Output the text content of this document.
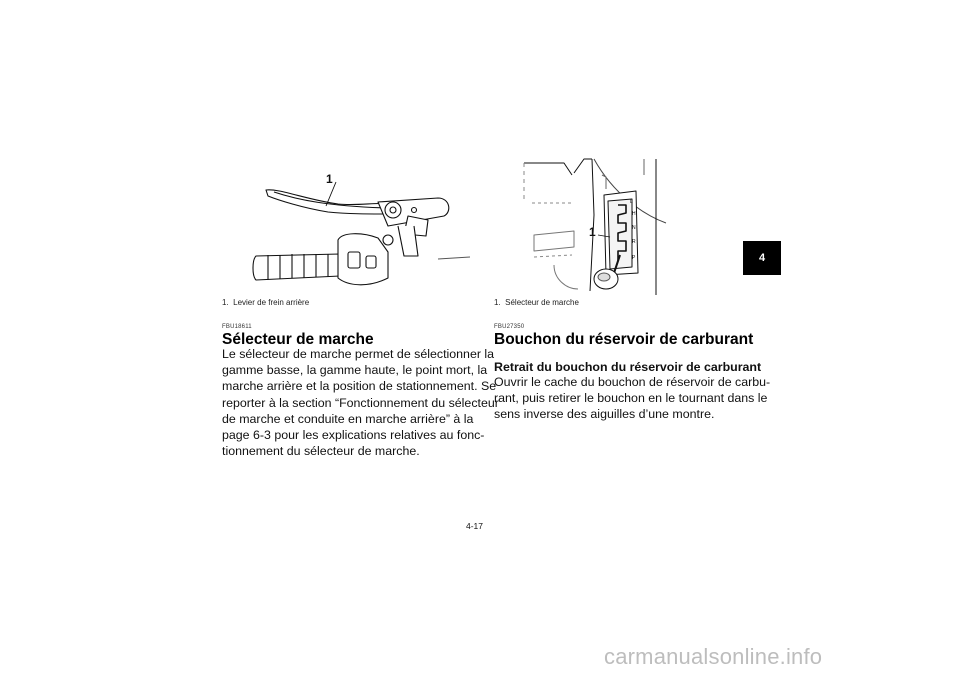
1
1. Levier de frein arrière
FBU18611
Sélecteur de marche
Le sélecteur de marche permet de sélectionner la
gamme basse, la gamme haute, le point mort, la
marche arrière et la position de stationnement. Se
reporter à la section “Fonctionnement du sélecteur
de marche et conduite en marche arrière” à la
page 6-3 pour les explications relatives au fonc-
tionnement du sélecteur de marche.
L
H
N
R
P
1
1. Sélecteur de marche
FBU27350
Bouchon du réservoir de carburant
Retrait du bouchon du réservoir de carburant
Ouvrir le cache du bouchon de réservoir de carbu-
rant, puis retirer le bouchon en le tournant dans le
sens inverse des aiguilles d’une montre.
4
4-17
carmanualsonline.info
